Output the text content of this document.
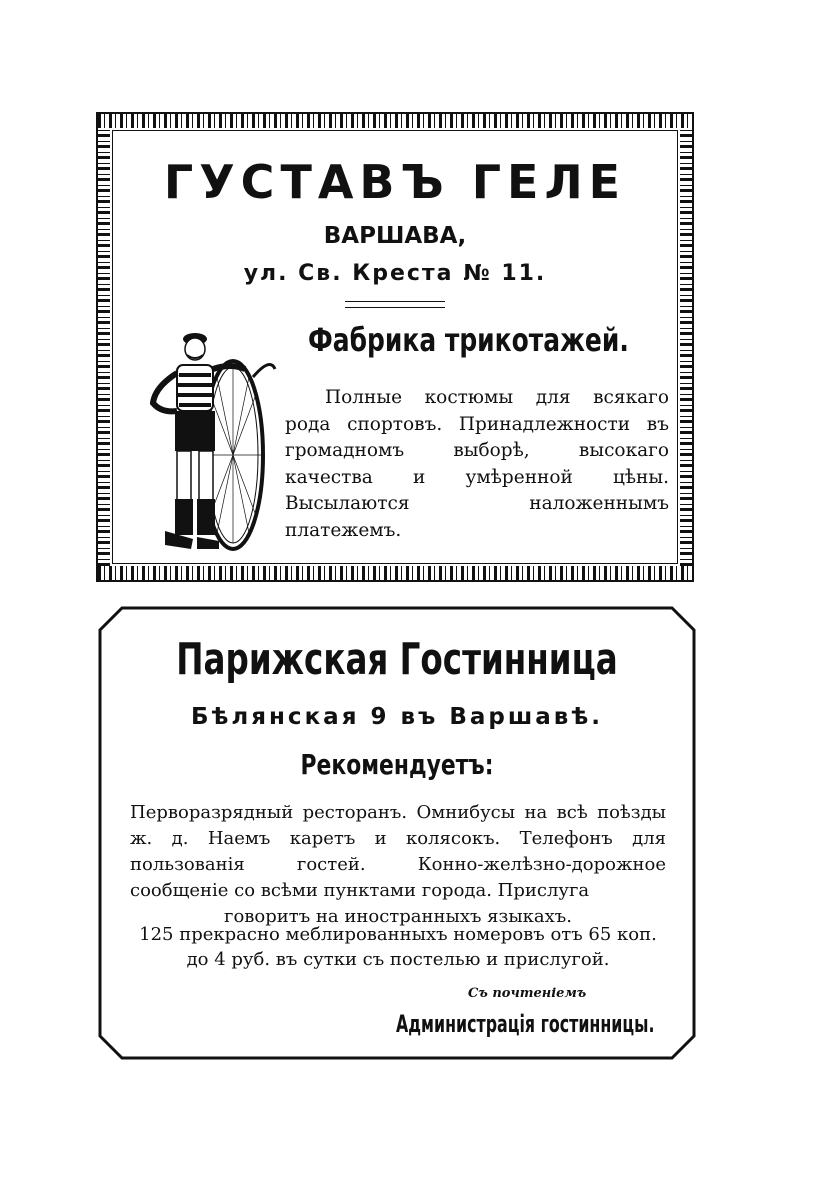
ГУСТАВЪ ГЕЛЕ
ВАРШАВА,
ул. Св. Креста № 11.
Фабрика трикотажей.

Полные костюмы для всякаго рода спортовъ. Принадлежности въ громадномъ выборѣ, высокаго качества и умѣренной цѣны. Высылаются наложеннымъ платежемъ.

Парижская Гостинница
Бѣлянская 9 въ Варшавѣ.
Рекомендуетъ:

Перворазрядный ресторанъ. Омнибусы на всѣ поѣзды ж. д. Наемъ каретъ и колясокъ. Телефонъ для пользованія гостей. Конно-желѣзно-дорожное сообщеніе со всѣми пунктами города. Прислуга
говоритъ на иностранныхъ языкахъ.

125 прекрасно меблированныхъ номеровъ отъ 65 коп. до 4 руб. въ сутки съ постелью и прислугой.

Съ почтеніемъ
Администрація гостинницы.
